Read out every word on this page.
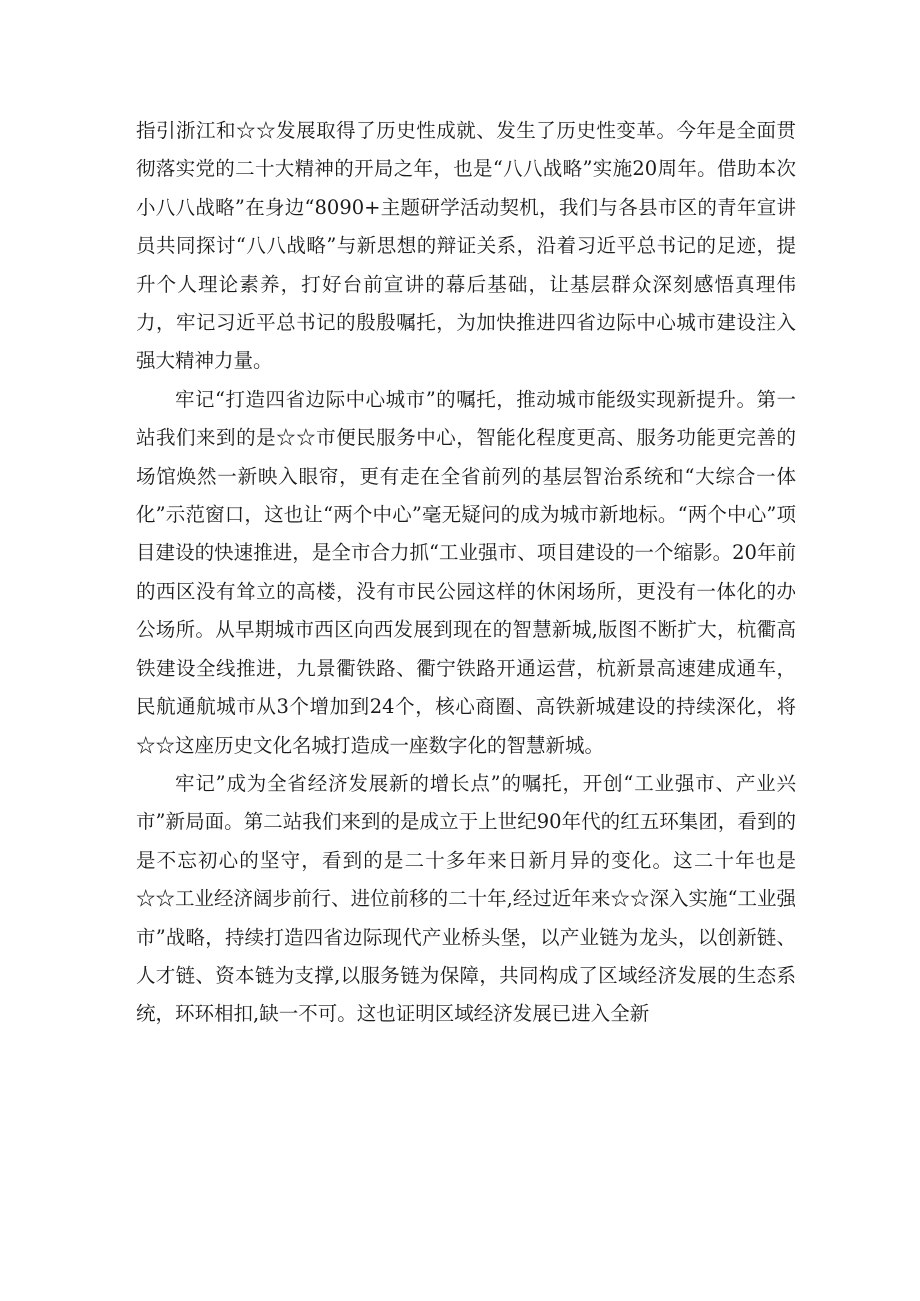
指引浙江和☆☆发展取得了历史性成就、发生了历史性变革。今年是全面贯彻落实党的二十大精神的开局之年，也是“八八战略”实施20周年。借助本次小八八战略”在身边“8090+主题研学活动契机，我们与各县市区的青年宣讲员共同探讨“八八战略”与新思想的辩证关系，沿着习近平总书记的足迹，提升个人理论素养，打好台前宣讲的幕后基础，让基层群众深刻感悟真理伟力，牢记习近平总书记的殷殷嘱托，为加快推进四省边际中心城市建设注入强大精神力量。

牢记“打造四省边际中心城市”的嘱托，推动城市能级实现新提升。第一站我们来到的是☆☆市便民服务中心，智能化程度更高、服务功能更完善的场馆焕然一新映入眼帘，更有走在全省前列的基层智治系统和“大综合一体化”示范窗口，这也让“两个中心”毫无疑问的成为城市新地标。“两个中心”项目建设的快速推进，是全市合力抓“工业强市、项目建设的一个缩影。20年前的西区没有耸立的高楼，没有市民公园这样的休闲场所，更没有一体化的办公场所。从早期城市西区向西发展到现在的智慧新城,版图不断扩大，杭衢高铁建设全线推进，九景衢铁路、衢宁铁路开通运营，杭新景高速建成通车，民航通航城市从3个增加到24个，核心商圈、高铁新城建设的持续深化，将☆☆这座历史文化名城打造成一座数字化的智慧新城。

牢记”成为全省经济发展新的增长点”的嘱托，开创“工业强市、产业兴市”新局面。第二站我们来到的是成立于上世纪90年代的红五环集团，看到的是不忘初心的坚守，看到的是二十多年来日新月异的变化。这二十年也是☆☆工业经济阔步前行、进位前移的二十年,经过近年来☆☆深入实施“工业强市”战略，持续打造四省边际现代产业桥头堡，以产业链为龙头，以创新链、人才链、资本链为支撑,以服务链为保障，共同构成了区域经济发展的生态系统，环环相扣,缺一不可。这也证明区域经济发展已进入全新
